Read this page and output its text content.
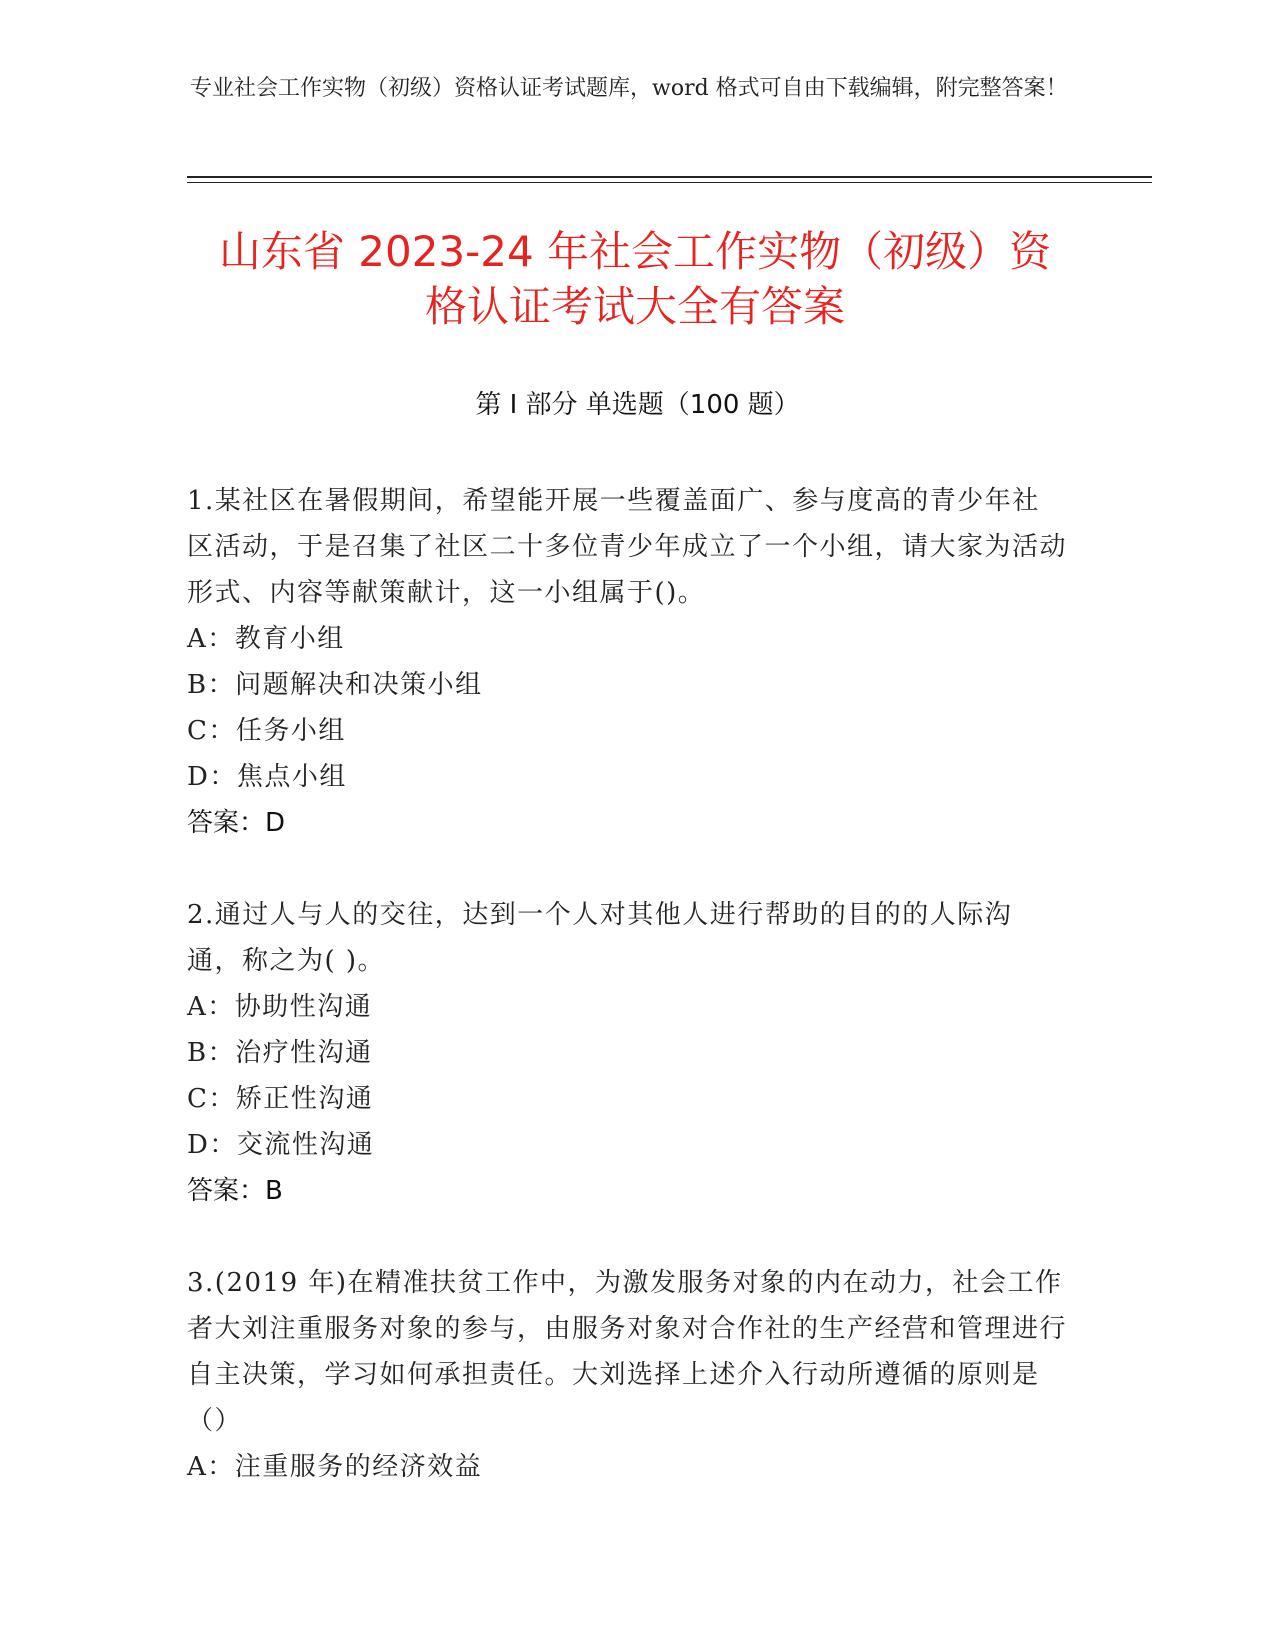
专业社会工作实物（初级）资格认证考试题库，word 格式可自由下载编辑，附完整答案！
山东省 2023-24 年社会工作实物（初级）资
格认证考试大全有答案
第 I 部分 单选题（100 题）
1.某社区在暑假期间，希望能开展一些覆盖面广、参与度高的青少年社区活动，于是召集了社区二十多位青少年成立了一个小组，请大家为活动形式、内容等献策献计，这一小组属于()。
A：教育小组
B：问题解决和决策小组
C：任务小组
D：焦点小组
答案：D
2.通过人与人的交往，达到一个人对其他人进行帮助的目的的人际沟通，称之为( )。
A：协助性沟通
B：治疗性沟通
C：矫正性沟通
D：交流性沟通
答案：B
3.(2019 年)在精准扶贫工作中，为激发服务对象的内在动力，社会工作者大刘注重服务对象的参与，由服务对象对合作社的生产经营和管理进行自主决策，学习如何承担责任。大刘选择上述介入行动所遵循的原则是（）
A：注重服务的经济效益
